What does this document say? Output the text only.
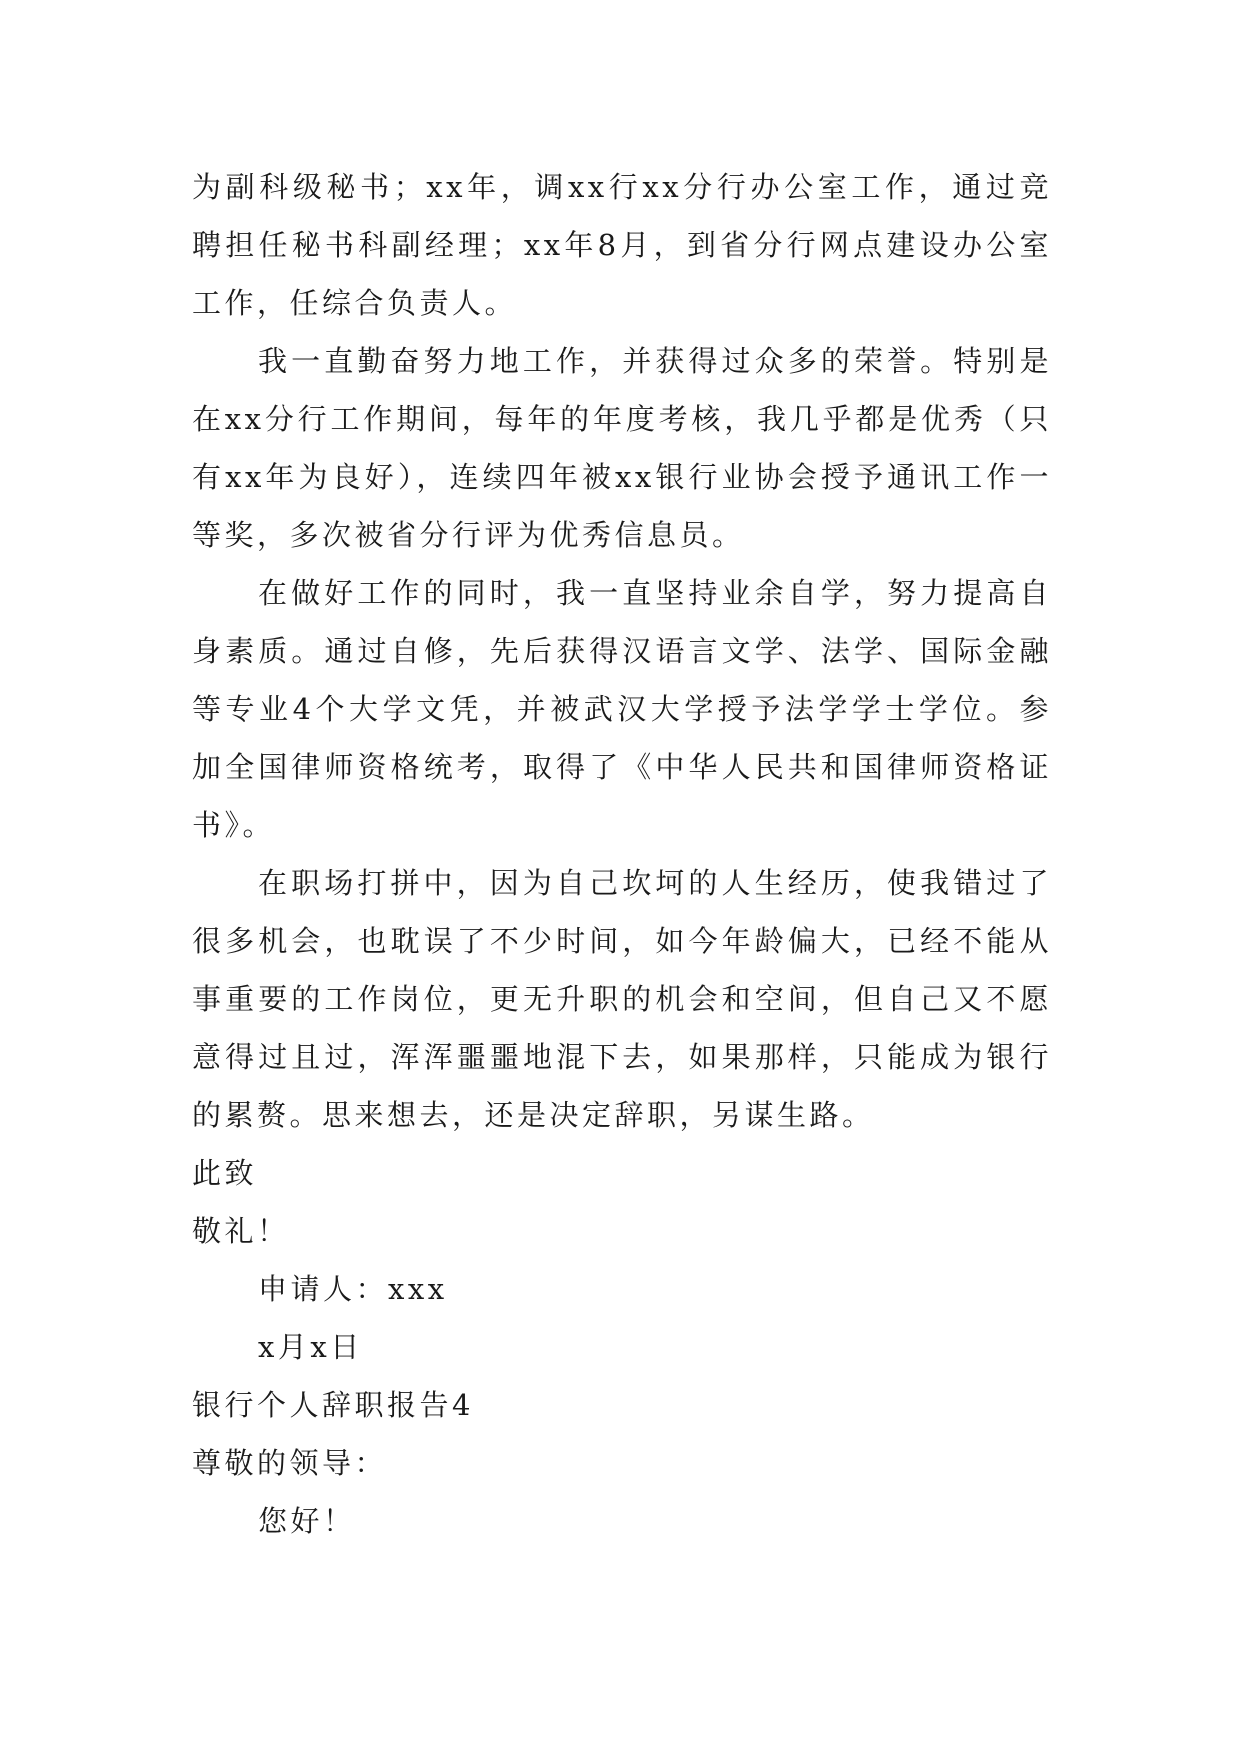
为副科级秘书；xx年，调xx行xx分行办公室工作，通过竞聘担任秘书科副经理；xx年8月，到省分行网点建设办公室工作，任综合负责人。

我一直勤奋努力地工作，并获得过众多的荣誉。特别是在xx分行工作期间，每年的年度考核，我几乎都是优秀（只有xx年为良好），连续四年被xx银行业协会授予通讯工作一等奖，多次被省分行评为优秀信息员。

在做好工作的同时，我一直坚持业余自学，努力提高自身素质。通过自修，先后获得汉语言文学、法学、国际金融等专业4个大学文凭，并被武汉大学授予法学学士学位。参加全国律师资格统考，取得了《中华人民共和国律师资格证书》。

在职场打拼中，因为自己坎坷的人生经历，使我错过了很多机会，也耽误了不少时间，如今年龄偏大，已经不能从事重要的工作岗位，更无升职的机会和空间，但自己又不愿意得过且过，浑浑噩噩地混下去，如果那样，只能成为银行的累赘。思来想去，还是决定辞职，另谋生路。

此致

敬礼！

申请人：xxx

x月x日

银行个人辞职报告4

尊敬的领导：

您好！
